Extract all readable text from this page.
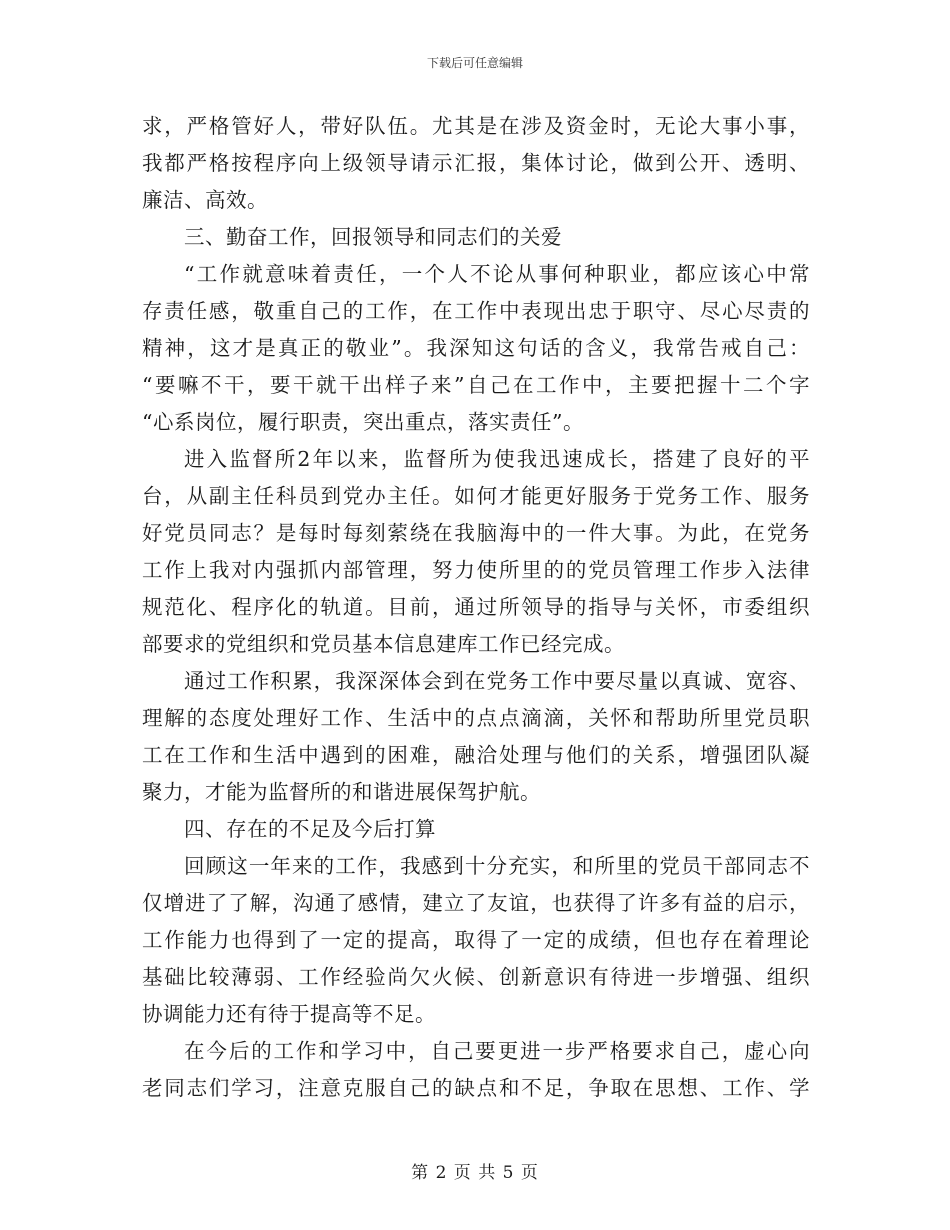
下载后可任意编辑
求，严格管好人，带好队伍。尤其是在涉及资金时，无论大事小事，
我都严格按程序向上级领导请示汇报，集体讨论，做到公开、透明、
廉洁、高效。
三、勤奋工作，回报领导和同志们的关爱
“工作就意味着责任，一个人不论从事何种职业，都应该心中常
存责任感，敬重自己的工作，在工作中表现出忠于职守、尽心尽责的
精神，这才是真正的敬业”。我深知这句话的含义，我常告戒自己：
“要嘛不干，要干就干出样子来”自己在工作中，主要把握十二个字
“心系岗位，履行职责，突出重点，落实责任”。
进入监督所2年以来，监督所为使我迅速成长，搭建了良好的平
台，从副主任科员到党办主任。如何才能更好服务于党务工作、服务
好党员同志？是每时每刻萦绕在我脑海中的一件大事。为此，在党务
工作上我对内强抓内部管理，努力使所里的的党员管理工作步入法律
规范化、程序化的轨道。目前，通过所领导的指导与关怀，市委组织
部要求的党组织和党员基本信息建库工作已经完成。
通过工作积累，我深深体会到在党务工作中要尽量以真诚、宽容、
理解的态度处理好工作、生活中的点点滴滴，关怀和帮助所里党员职
工在工作和生活中遇到的困难，融洽处理与他们的关系，增强团队凝
聚力，才能为监督所的和谐进展保驾护航。
四、存在的不足及今后打算
回顾这一年来的工作，我感到十分充实，和所里的党员干部同志不
仅增进了了解，沟通了感情，建立了友谊，也获得了许多有益的启示，
工作能力也得到了一定的提高，取得了一定的成绩，但也存在着理论
基础比较薄弱、工作经验尚欠火候、创新意识有待进一步增强、组织
协调能力还有待于提高等不足。
在今后的工作和学习中，自己要更进一步严格要求自己，虚心向
老同志们学习，注意克服自己的缺点和不足，争取在思想、工作、学
第 2 页 共 5 页
